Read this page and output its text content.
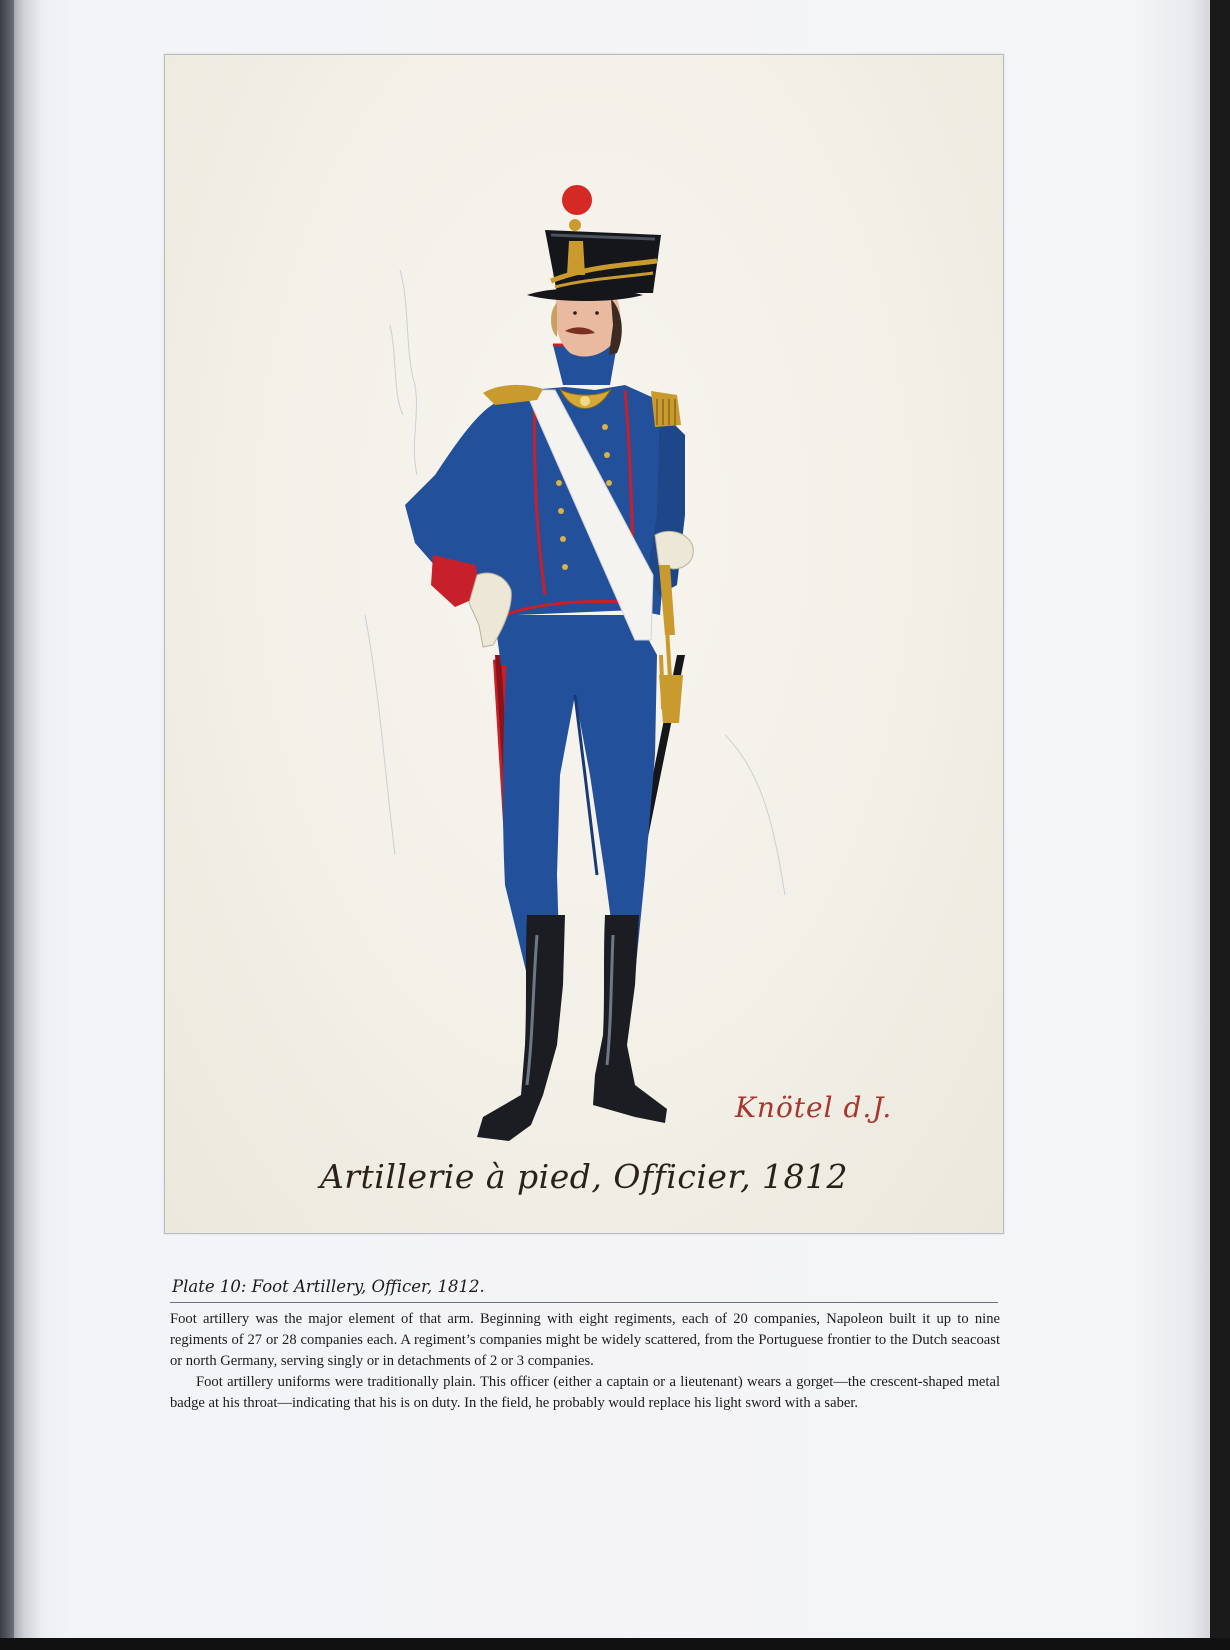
Knötel d.J.
Artillerie à pied, Officier, 1812
Plate 10: Foot Artillery, Officer, 1812.

Foot artillery was the major element of that arm. Beginning with eight regiments, each of 20 companies, Napoleon built it up to nine regiments of 27 or 28 companies each. A regiment’s companies might be widely scattered, from the Portuguese frontier to the Dutch seacoast or north Germany, serving singly or in detachments of 2 or 3 companies.

Foot artillery uniforms were traditionally plain. This officer (either a captain or a lieutenant) wears a gorget—the crescent-shaped metal badge at his throat—indicating that his is on duty. In the field, he probably would replace his light sword with a saber.
